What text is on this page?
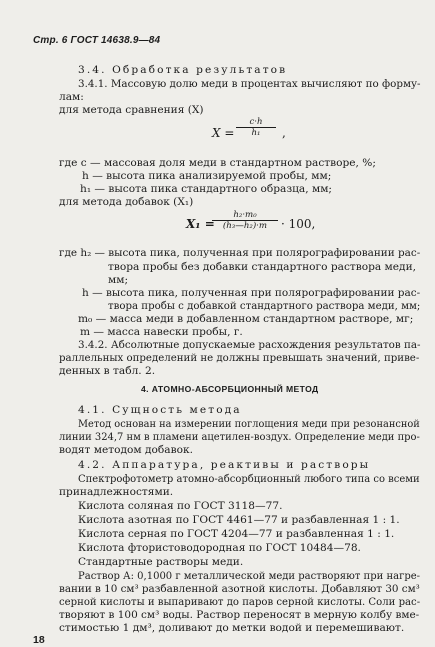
Стр. 6 ГОСТ 14638.9—84
3.4. Обработка результатов
3.4.1. Массовую долю меди в процентах вычисляют по форму-
лам:
для метода сравнения (X)
$X = \frac{c\cdot h}{\text{h₁}}$ ,
где c — массовая доля меди в стандартном растворе, %;
h — высота пика анализируемой пробы, мм;
h₁ — высота пика стандартного образца, мм;
для метода добавок (X₁)
X₁ =
$\frac{\text{h₂·m₀}}{\text{(h₃—h₂)·m}} \cdot 100$,
где h₂ — высота пика, полученная при полярографировании рас-
твора пробы без добавки стандартного раствора меди,
мм;
h — высота пика, полученная при полярографировании рас-
твора пробы с добавкой стандартного раствора меди, мм;
m₀ — масса меди в добавленном стандартном растворе, мг;
m — масса навески пробы, г.
3.4.2. Абсолютные допускаемые расхождения результатов па-
раллельных определений не должны превышать значений, приве-
денных в табл. 2.
4. АТОМНО-АБСОРБЦИОННЫЙ МЕТОД
4.1. Сущность метода
Метод основан на измерении поглощения меди при резонансной
линии 324,7 нм в пламени ацетилен-воздух. Определение меди про-
водят методом добавок.
4.2. Аппаратура, реактивы и растворы
Спектрофотометр атомно-абсорбционный любого типа со всеми
принадлежностями.
Кислота соляная по ГОСТ 3118—77.
Кислота азотная по ГОСТ 4461—77 и разбавленная 1 : 1.
Кислота серная по ГОСТ 4204—77 и разбавленная 1 : 1.
Кислота фтористоводородная по ГОСТ 10484—78.
Стандартные растворы меди.
Раствор А: 0,1000 г металлической меди растворяют при нагре-
вании в 10 см³ разбавленной азотной кислоты. Добавляют 30 см³
серной кислоты и выпаривают до паров серной кислоты. Соли рас-
творяют в 100 см³ воды. Раствор переносят в мерную колбу вме-
стимостью 1 дм³, доливают до метки водой и перемешивают.
18
